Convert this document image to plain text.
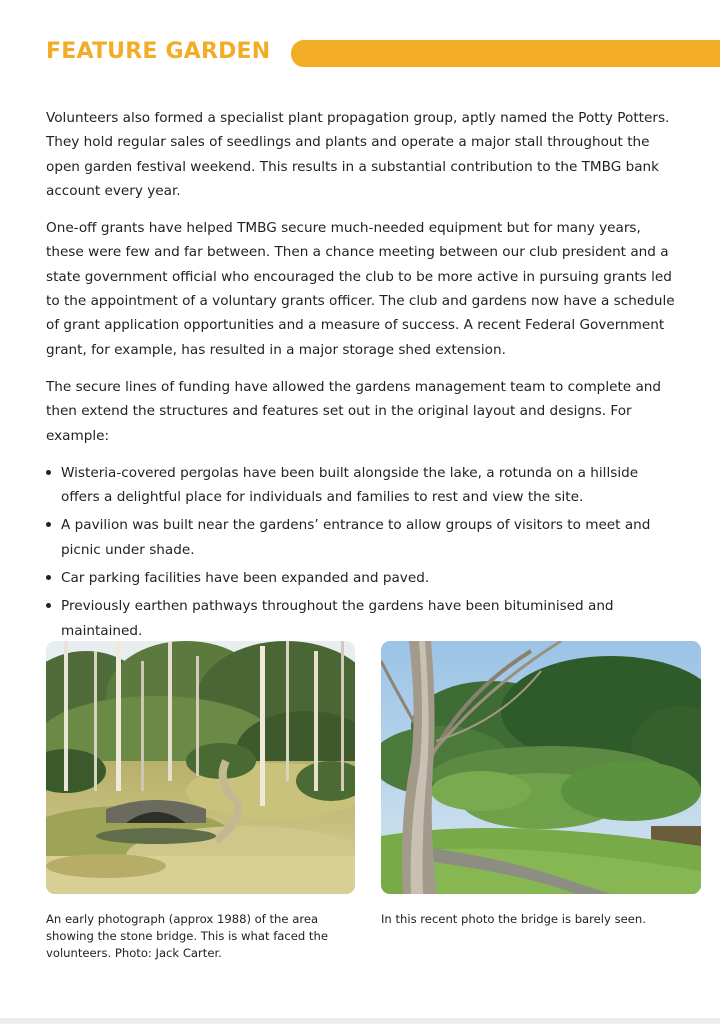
FEATURE GARDEN

Volunteers also formed a specialist plant propagation group, aptly named the Potty Potters. They hold regular sales of seedlings and plants and operate a major stall throughout the open garden festival weekend. This results in a substantial contribution to the TMBG bank account every year.

One-off grants have helped TMBG secure much-needed equipment but for many years, these were few and far between. Then a chance meeting between our club president and a state government official who encouraged the club to be more active in pursuing grants led to the appointment of a voluntary grants officer. The club and gardens now have a schedule of grant application opportunities and a measure of success. A recent Federal Government grant, for example, has resulted in a major storage shed extension.

The secure lines of funding have allowed the gardens management team to complete and then extend the structures and features set out in the original layout and designs. For example:

Wisteria-covered pergolas have been built alongside the lake, a rotunda on a hillside offers a delightful place for individuals and families to rest and view the site.
A pavilion was built near the gardens’ entrance to allow groups of visitors to meet and picnic under shade.
Car parking facilities have been expanded and paved.
Previously earthen pathways throughout the gardens have been bituminised and maintained.
An early photograph (approx 1988) of the area showing the stone bridge. This is what faced the volunteers. Photo: Jack Carter.
In this recent photo the bridge is barely seen.
